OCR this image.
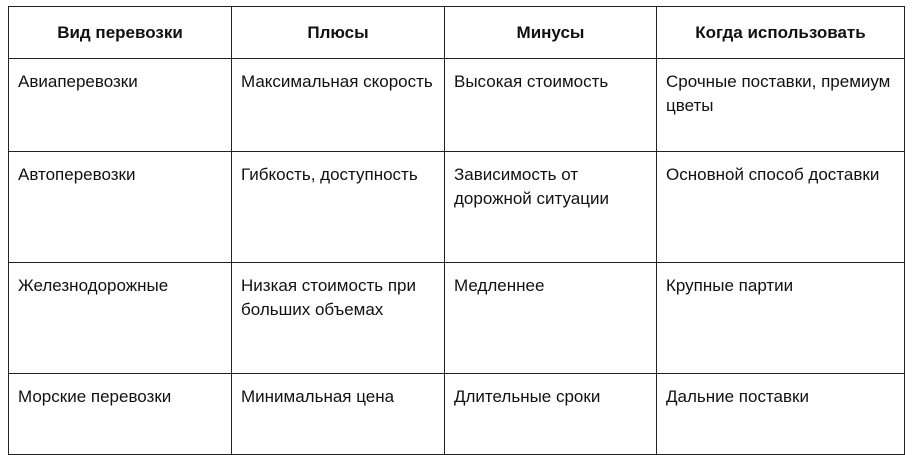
Вид перевозки	Плюсы	Минусы	Когда использовать

Авиаперевозки	Максимальная скорость	Высокая стоимость	Срочные поставки, премиум цветы

Автоперевозки	Гибкость, доступность	Зависимость от дорожной ситуации	Основной способ доставки

Железнодорожные	Низкая стоимость при больших объемах	Медленнее	Крупные партии

Морские перевозки	Минимальная цена	Длительные сроки	Дальние поставки
